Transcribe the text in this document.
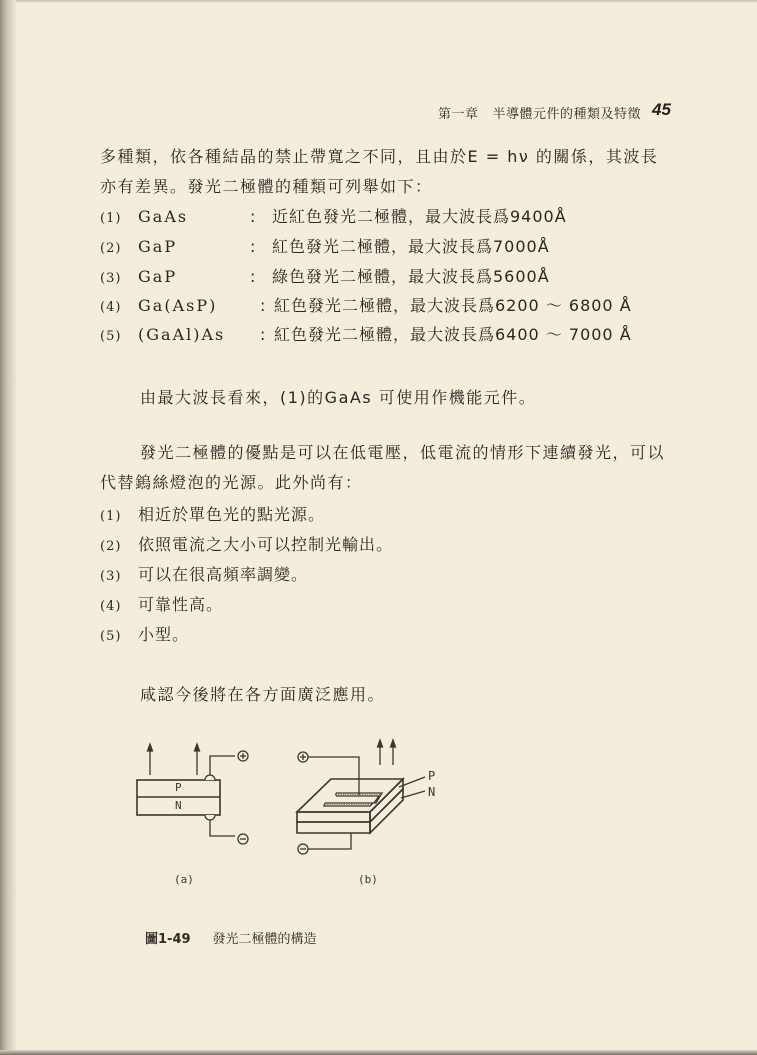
第一章 半導體元件的種類及特徵 45
多種類，依各種結晶的禁止帶寬之不同，且由於E = hν 的關係，其波長
亦有差異。發光二極體的種類可列舉如下：
(1) GaAs	: 近紅色發光二極體，最大波長爲9400Å
(2) GaP	: 紅色發光二極體，最大波長爲7000Å
(3) GaP	: 綠色發光二極體，最大波長爲5600Å
(4) Ga(AsP)	: 紅色發光二極體，最大波長爲6200 ～ 6800 Å
(5) (GaAl)As : 紅色發光二極體，最大波長爲6400 ～ 7000 Å
由最大波長看來，(1)的GaAs 可使用作機能元件。
發光二極體的優點是可以在低電壓，低電流的情形下連續發光，可以
代替鎢絲燈泡的光源。此外尚有：
(1) 相近於單色光的點光源。
(2) 依照電流之大小可以控制光輸出。
(3) 可以在很高頻率調變。
(4) 可靠性高。
(5) 小型。
咸認今後將在各方面廣泛應用。
P
N
P
N
(a)	(b)
圖1-49 發光二極體的構造
